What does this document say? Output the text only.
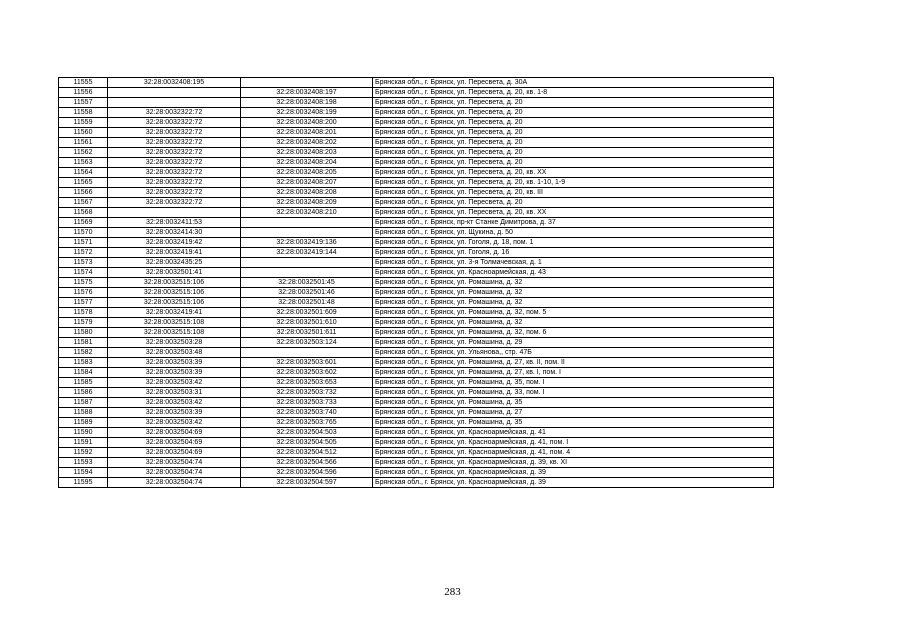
11555	32:28:0032408:195		Брянская обл., г. Брянск, ул. Пересвета, д. 30А
11556		32:28:0032408:197	Брянская обл., г. Брянск, ул. Пересвета, д. 20, кв. 1-8
11557		32:28:0032408:198	Брянская обл., г. Брянск, ул. Пересвета, д. 20
11558	32:28:0032322:72	32:28:0032408:199	Брянская обл., г. Брянск, ул. Пересвета, д. 20
11559	32:28:0032322:72	32:28:0032408:200	Брянская обл., г. Брянск, ул. Пересвета, д. 20
11560	32:28:0032322:72	32:28:0032408:201	Брянская обл., г. Брянск, ул. Пересвета, д. 20
11561	32:28:0032322:72	32:28:0032408:202	Брянская обл., г. Брянск, ул. Пересвета, д. 20
11562	32:28:0032322:72	32:28:0032408:203	Брянская обл., г. Брянск, ул. Пересвета, д. 20
11563	32:28:0032322:72	32:28:0032408:204	Брянская обл., г. Брянск, ул. Пересвета, д. 20
11564	32:28:0032322:72	32:28:0032408:205	Брянская обл., г. Брянск, ул. Пересвета, д. 20, кв. XX
11565	32:28:0032322:72	32:28:0032408:207	Брянская обл., г. Брянск, ул. Пересвета, д. 20, кв. 1-10, 1-9
11566	32:28:0032322:72	32:28:0032408:208	Брянская обл., г. Брянск, ул. Пересвета, д. 20, кв. III
11567	32:28:0032322:72	32:28:0032408:209	Брянская обл., г. Брянск, ул. Пересвета, д. 20
11568		32:28:0032408:210	Брянская обл., г. Брянск, ул. Пересвета, д. 20, кв. XX
11569	32:28:0032411:53		Брянская обл., г. Брянск, пр-кт Станке Димитрова, д. 37
11570	32:28:0032414:30		Брянская обл., г. Брянск, ул. Щукина, д. 50
11571	32:28:0032419:42	32:28:0032419:136	Брянская обл., г. Брянск, ул. Гоголя, д. 18, пом. 1
11572	32:28:0032419:41	32:28:0032419:144	Брянская обл., г. Брянск, ул. Гоголя, д. 16
11573	32:28:0032435:25		Брянская обл., г. Брянск, ул. 3-я Толмачевская, д. 1
11574	32:28:0032501:41		Брянская обл., г. Брянск, ул. Красноармейская, д. 43
11575	32:28:0032515:106	32:28:0032501:45	Брянская обл., г. Брянск, ул. Ромашина, д. 32
11576	32:28:0032515:106	32:28:0032501:46	Брянская обл., г. Брянск, ул. Ромашина, д. 32
11577	32:28:0032515:106	32:28:0032501:48	Брянская обл., г. Брянск, ул. Ромашина, д. 32
11578	32:28:0032419:41	32:28:0032501:609	Брянская обл., г. Брянск, ул. Ромашина, д. 32, пом. 5
11579	32:28:0032515:108	32:28:0032501:610	Брянская обл., г. Брянск, ул. Ромашина, д. 32
11580	32:28:0032515:108	32:28:0032501:611	Брянская обл., г. Брянск, ул. Ромашина, д. 32, пом. 6
11581	32:28:0032503:28	32:28:0032503:124	Брянская обл., г. Брянск, ул. Ромашина, д. 29
11582	32:28:0032503:48		Брянская обл., г. Брянск, ул. Ульянова,, стр. 47Б
11583	32:28:0032503:39	32:28:0032503:601	Брянская обл., г. Брянск, ул. Ромашина, д. 27, кв. II, пом. II
11584	32:28:0032503:39	32:28:0032503:602	Брянская обл., г. Брянск, ул. Ромашина, д. 27, кв. I, пом. I
11585	32:28:0032503:42	32:28:0032503:653	Брянская обл., г. Брянск, ул. Ромашина, д. 35, пом. I
11586	32:28:0032503:31	32:28:0032503:732	Брянская обл., г. Брянск, ул. Ромашина, д. 33, пом. I
11587	32:28:0032503:42	32:28:0032503:733	Брянская обл., г. Брянск, ул. Ромашина, д. 35
11588	32:28:0032503:39	32:28:0032503:740	Брянская обл., г. Брянск, ул. Ромашина, д. 27
11589	32:28:0032503:42	32:28:0032503:765	Брянская обл., г. Брянск, ул. Ромашина, д. 35
11590	32:28:0032504:69	32:28:0032504:503	Брянская обл., г. Брянск, ул. Красноармейская, д. 41
11591	32:28:0032504:69	32:28:0032504:505	Брянская обл., г. Брянск, ул. Красноармейская, д. 41, пом. I
11592	32:28:0032504:69	32:28:0032504:512	Брянская обл., г. Брянск, ул. Красноармейская, д. 41, пом. 4
11593	32:28:0032504:74	32:28:0032504:566	Брянская обл., г. Брянск, ул. Красноармейская, д. 39, кв. XI
11594	32:28:0032504:74	32:28:0032504:596	Брянская обл., г. Брянск, ул. Красноармейская, д. 39
11595	32:28:0032504:74	32:28:0032504:597	Брянская обл., г. Брянск, ул. Красноармейская, д. 39
283
